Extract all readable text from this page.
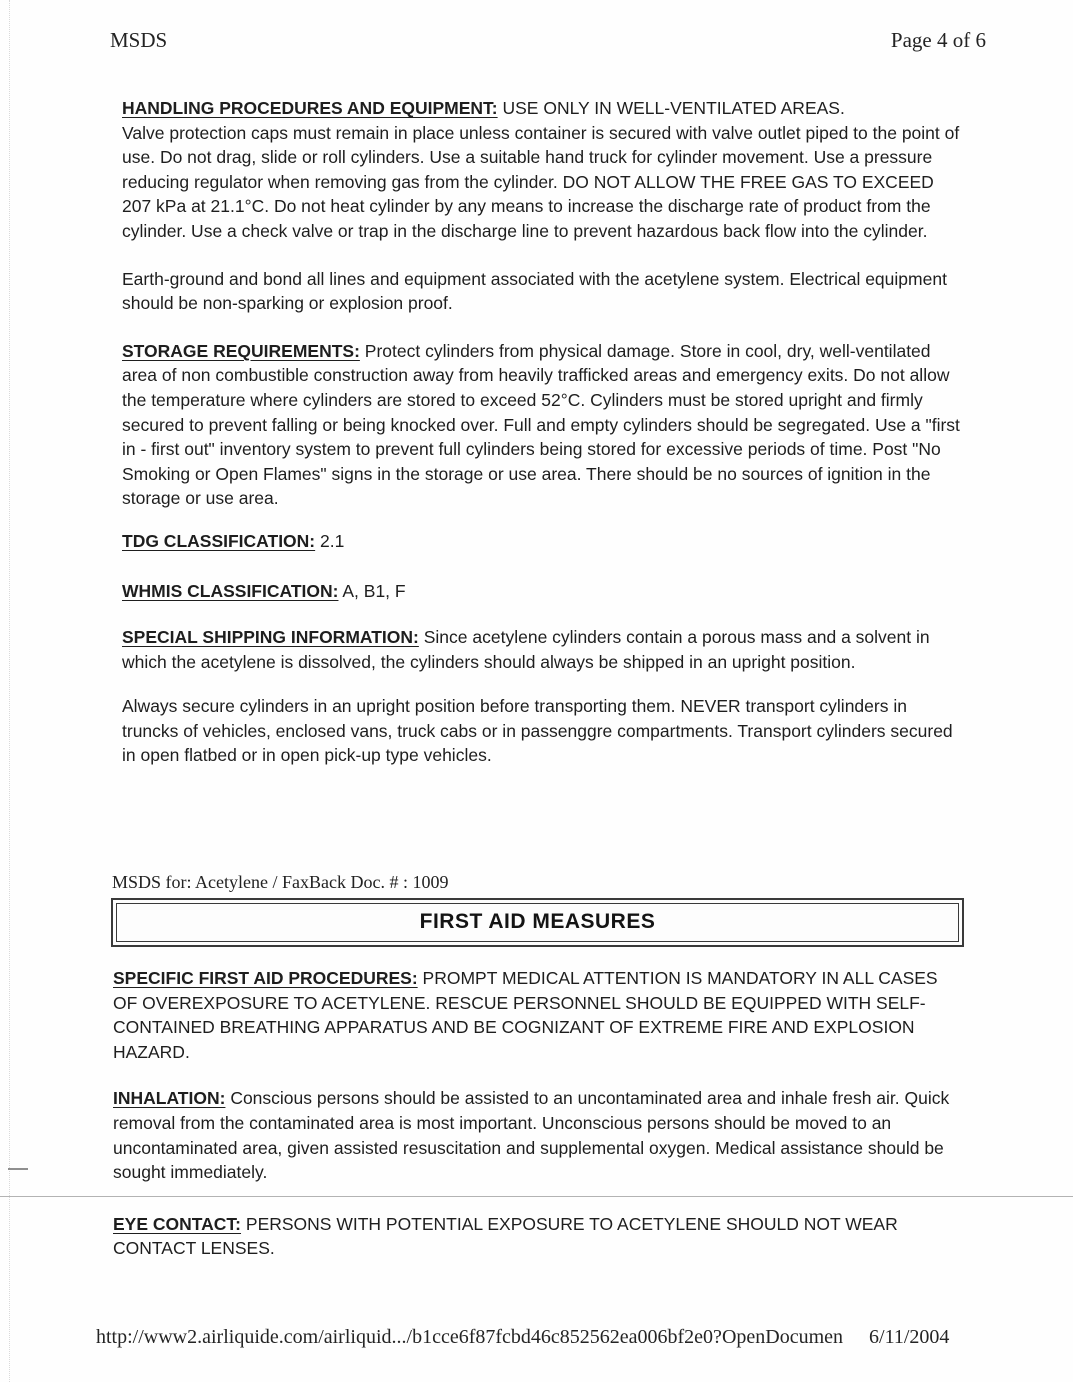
MSDS	Page 4 of 6

HANDLING PROCEDURES AND EQUIPMENT: USE ONLY IN WELL-VENTILATED AREAS.

Valve protection caps must remain in place unless container is secured with valve outlet piped to the point of use. Do not drag, slide or roll cylinders. Use a suitable hand truck for cylinder movement. Use a pressure reducing regulator when removing gas from the cylinder. DO NOT ALLOW THE FREE GAS TO EXCEED 207 kPa at 21.1°C. Do not heat cylinder by any means to increase the discharge rate of product from the cylinder. Use a check valve or trap in the discharge line to prevent hazardous back flow into the cylinder.

Earth-ground and bond all lines and equipment associated with the acetylene system. Electrical equipment should be non-sparking or explosion proof.

STORAGE REQUIREMENTS: Protect cylinders from physical damage. Store in cool, dry, well-ventilated area of non combustible construction away from heavily trafficked areas and emergency exits. Do not allow the temperature where cylinders are stored to exceed 52°C. Cylinders must be stored upright and firmly secured to prevent falling or being knocked over. Full and empty cylinders should be segregated. Use a "first in - first out" inventory system to prevent full cylinders being stored for excessive periods of time. Post "No Smoking or Open Flames" signs in the storage or use area. There should be no sources of ignition in the storage or use area.

TDG CLASSIFICATION: 2.1

WHMIS CLASSIFICATION: A, B1, F

SPECIAL SHIPPING INFORMATION: Since acetylene cylinders contain a porous mass and a solvent in which the acetylene is dissolved, the cylinders should always be shipped in an upright position.

Always secure cylinders in an upright position before transporting them. NEVER transport cylinders in truncks of vehicles, enclosed vans, truck cabs or in passenggre compartments. Transport cylinders secured in open flatbed or in open pick-up type vehicles.

MSDS for: Acetylene / FaxBack Doc. # : 1009
FIRST AID MEASURES

SPECIFIC FIRST AID PROCEDURES: PROMPT MEDICAL ATTENTION IS MANDATORY IN ALL CASES OF OVEREXPOSURE TO ACETYLENE. RESCUE PERSONNEL SHOULD BE EQUIPPED WITH SELF-CONTAINED BREATHING APPARATUS AND BE COGNIZANT OF EXTREME FIRE AND EXPLOSION HAZARD.

INHALATION: Conscious persons should be assisted to an uncontaminated area and inhale fresh air. Quick removal from the contaminated area is most important. Unconscious persons should be moved to an uncontaminated area, given assisted resuscitation and supplemental oxygen. Medical assistance should be sought immediately.

EYE CONTACT: PERSONS WITH POTENTIAL EXPOSURE TO ACETYLENE SHOULD NOT WEAR CONTACT LENSES.

http://www2.airliquide.com/airliquid.../b1cce6f87fcbd46c852562ea006bf2e0?OpenDocumen 6/11/2004
